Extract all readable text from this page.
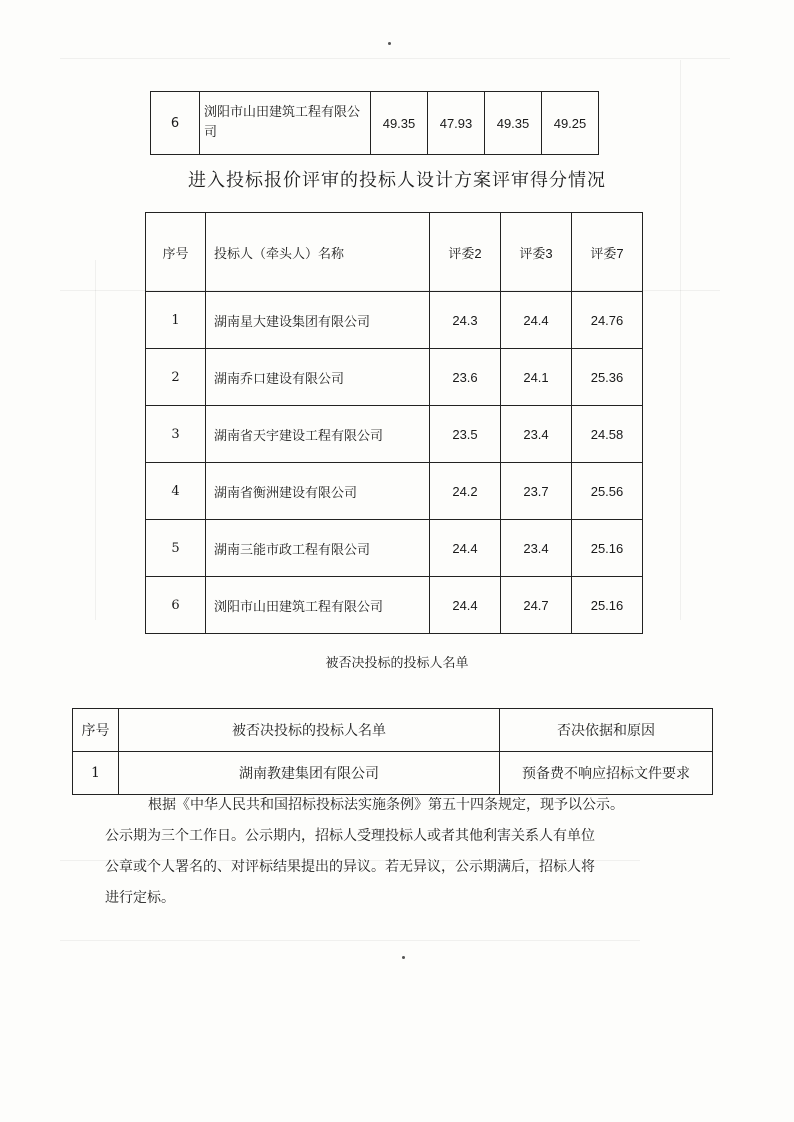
6	浏阳市山田建筑工程有限公司	49.35	47.93	49.35	49.25
进入投标报价评审的投标人设计方案评审得分情况
序号	投标人（牵头人）名称	评委2	评委3	评委7
1	湖南星大建设集团有限公司	24.3	24.4	24.76
2	湖南乔口建设有限公司	23.6	24.1	25.36
3	湖南省天宇建设工程有限公司	23.5	23.4	24.58
4	湖南省衡洲建设有限公司	24.2	23.7	25.56
5	湖南三能市政工程有限公司	24.4	23.4	25.16
6	浏阳市山田建筑工程有限公司	24.4	24.7	25.16
被否决投标的投标人名单
序号	被否决投标的投标人名单	否决依据和原因
1	湖南教建集团有限公司	预备费不响应招标文件要求
根据《中华人民共和国招标投标法实施条例》第五十四条规定，现予以公示。
公示期为三个工作日。公示期内，招标人受理投标人或者其他利害关系人有单位
公章或个人署名的、对评标结果提出的异议。若无异议，公示期满后，招标人将
进行定标。
